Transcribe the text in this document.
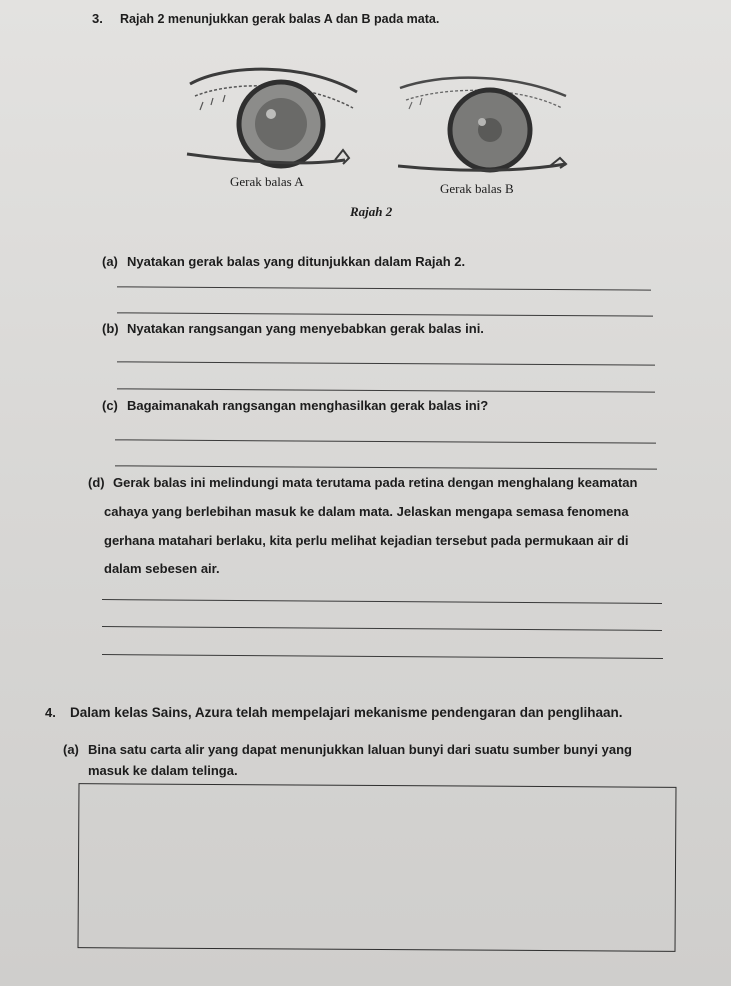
3. Rajah 2 menunjukkan gerak balas A dan B pada mata.
Gerak balas A	Gerak balas B
Rajah 2
(a) Nyatakan gerak balas yang ditunjukkan dalam Rajah 2.
(b) Nyatakan rangsangan yang menyebabkan gerak balas ini.
(c) Bagaimanakah rangsangan menghasilkan gerak balas ini?
(d) Gerak balas ini melindungi mata terutama pada retina dengan menghalang keamatan
cahaya yang berlebihan masuk ke dalam mata. Jelaskan mengapa semasa fenomena
gerhana matahari berlaku, kita perlu melihat kejadian tersebut pada permukaan air di
dalam sebesen air.
4. Dalam kelas Sains, Azura telah mempelajari mekanisme pendengaran dan penglihaan.
(a) Bina satu carta alir yang dapat menunjukkan laluan bunyi dari suatu sumber bunyi yang
masuk ke dalam telinga.
